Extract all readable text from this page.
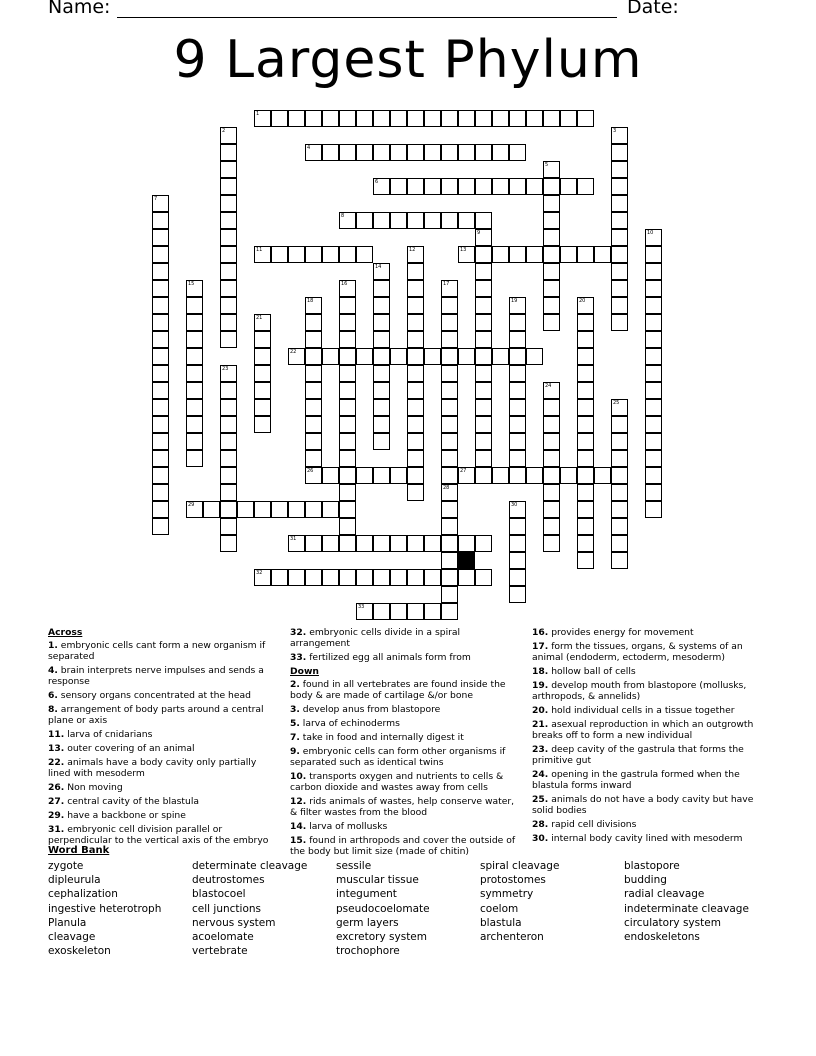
Name:	Date:
9 Largest Phylum
1
2	3
4
5
6
7
8
9	10
11	12	13
14
15	16	17
28
18	19	20
21
22
23
24
25
26	27
29	30
31
32
33
Across
1. embryonic cells cant form a new organism if separated
4. brain interprets nerve impulses and sends a response
6. sensory organs concentrated at the head
8. arrangement of body parts around a central plane or axis
11. larva of cnidarians
13. outer covering of an animal
22. animals have a body cavity only partially lined with mesoderm
26. Non moving
27. central cavity of the blastula
29. have a backbone or spine
31. embryonic cell division parallel or perpendicular to the vertical axis of the embryo
32. embryonic cells divide in a spiral arrangement
33. fertilized egg all animals form from
Down
2. found in all vertebrates are found inside the body & are made of cartilage &/or bone
3. develop anus from blastopore
5. larva of echinoderms
7. take in food and internally digest it
9. embryonic cells can form other organisms if separated such as identical twins
10. transports oxygen and nutrients to cells & carbon dioxide and wastes away from cells
12. rids animals of wastes, help conserve water, & filter wastes from the blood
14. larva of mollusks
15. found in arthropods and cover the outside of the body but limit size (made of chitin)
16. provides energy for movement
17. form the tissues, organs, & systems of an animal (endoderm, ectoderm, mesoderm)
18. hollow ball of cells
19. develop mouth from blastopore (mollusks, arthropods, & annelids)
20. hold individual cells in a tissue together
21. asexual reproduction in which an outgrowth breaks off to form a new individual
23. deep cavity of the gastrula that forms the primitive gut
24. opening in the gastrula formed when the blastula forms inward
25. animals do not have a body cavity but have solid bodies
28. rapid cell divisions
30. internal body cavity lined with mesoderm
Word Bank
zygote
dipleurula
cephalization
ingestive heterotroph
Planula
cleavage
exoskeleton
determinate cleavage
deutrostomes
blastocoel
cell junctions
nervous system
acoelomate
vertebrate
sessile
muscular tissue
integument
pseudocoelomate
germ layers
excretory system
trochophore
spiral cleavage
protostomes
symmetry
coelom
blastula
archenteron
blastopore
budding
radial cleavage
indeterminate cleavage
circulatory system
endoskeletons
